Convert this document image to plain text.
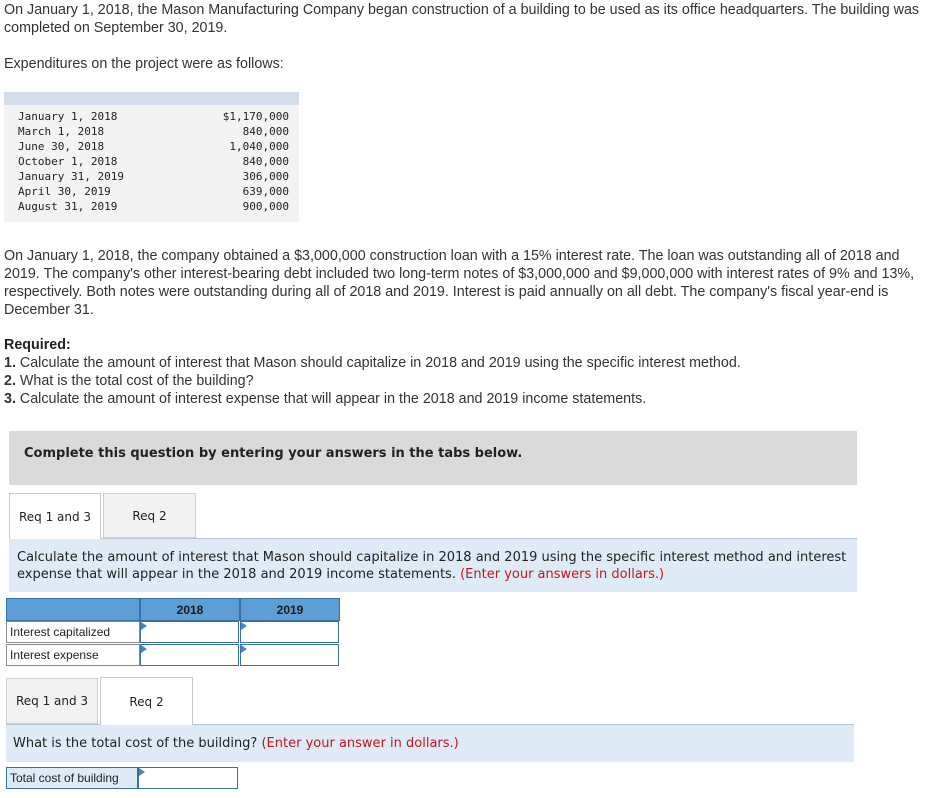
On January 1, 2018, the Mason Manufacturing Company began construction of a building to be used as its office headquarters. The building was completed on September 30, 2019.

Expenditures on the project were as follows:

January 1, 2018	$1,170,000
March 1, 2018	840,000
June 30, 2018	1,040,000
October 1, 2018	840,000
January 31, 2019	306,000
April 30, 2019	639,000
August 31, 2019	900,000

On January 1, 2018, the company obtained a $3,000,000 construction loan with a 15% interest rate. The loan was outstanding all of 2018 and 2019. The company's other interest-bearing debt included two long-term notes of $3,000,000 and $9,000,000 with interest rates of 9% and 13%, respectively. Both notes were outstanding during all of 2018 and 2019. Interest is paid annually on all debt. The company's fiscal year-end is December 31.

Required:
1. Calculate the amount of interest that Mason should capitalize in 2018 and 2019 using the specific interest method.
2. What is the total cost of the building?
3. Calculate the amount of interest expense that will appear in the 2018 and 2019 income statements.
Complete this question by entering your answers in the tabs below.
Req 1 and 3	Req 2
Calculate the amount of interest that Mason should capitalize in 2018 and 2019 using the specific interest method and interest expense that will appear in the 2018 and 2019 income statements. (Enter your answers in dollars.)
2018	2019
Interest capitalized
Interest expense
Req 1 and 3	Req 2
What is the total cost of the building? (Enter your answer in dollars.)
Total cost of building
